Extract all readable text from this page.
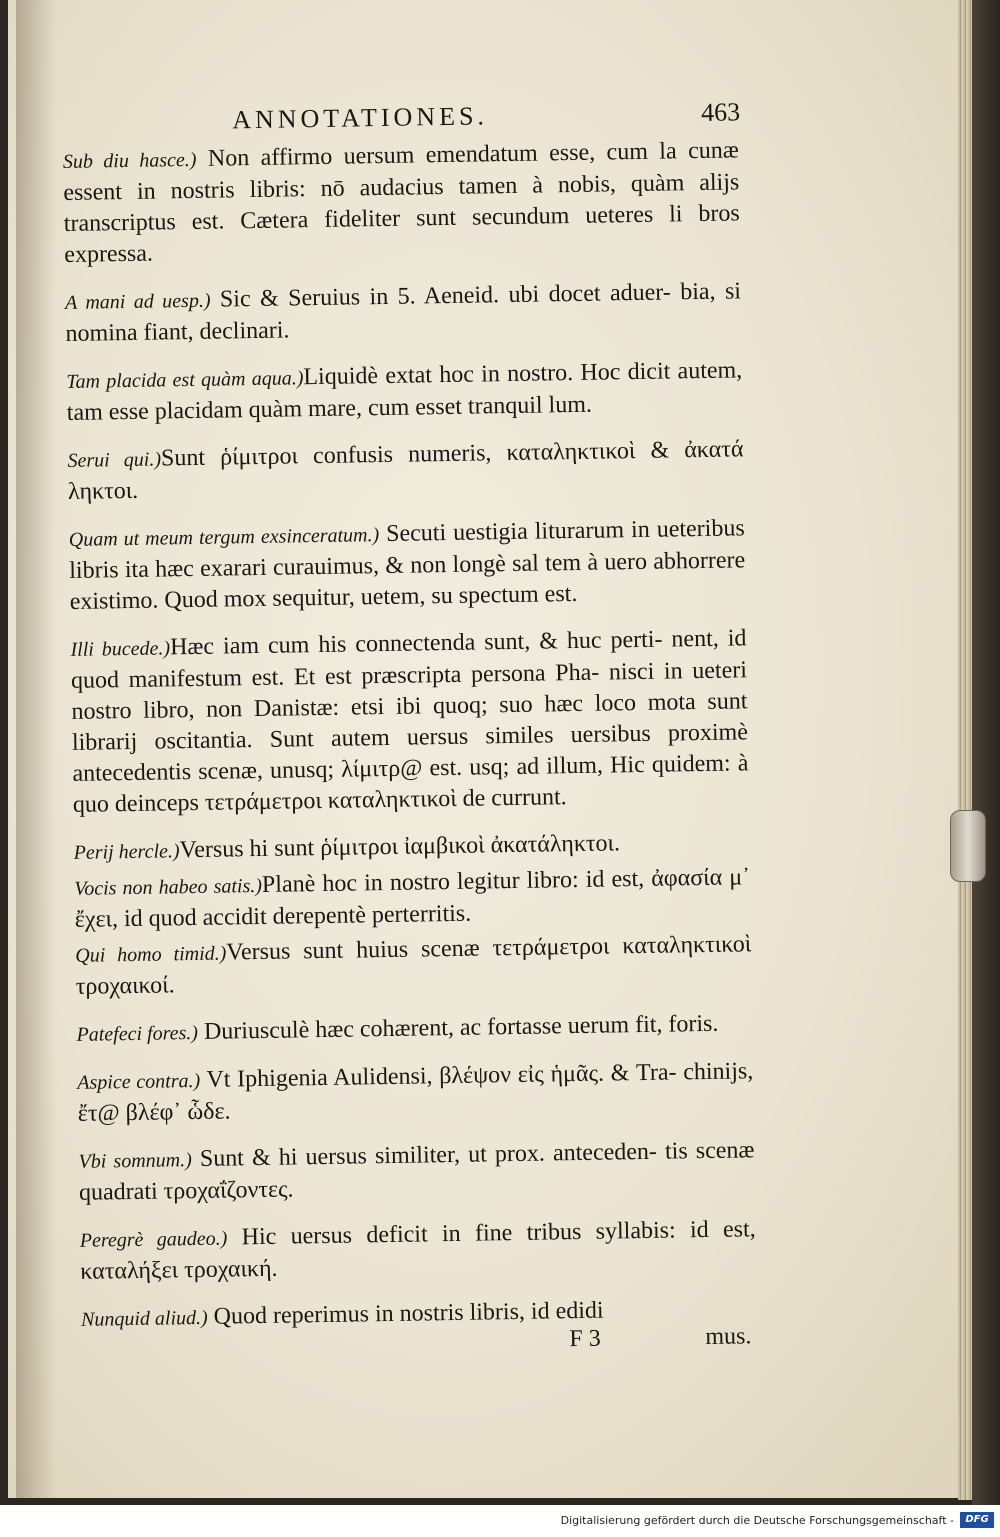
ANNOTATIONES.	463

Sub diu hasce.) Non affirmo uersum emendatum esse, cum la cunæ essent in nostris libris: nō audacius tamen à nobis, quàm alijs transcriptus est. Cætera fideliter sunt secundum ueteres li bros expressa.

A mani ad uesp.) Sic & Seruius in 5. Aeneid. ubi docet aduer- bia, si nomina fiant, declinari.

Tam placida est quàm aqua.)Liquidè extat hoc in nostro. Hoc dicit autem, tam esse placidam quàm mare, cum esset tranquil lum.

Serui qui.)Sunt ῥίμιτροι confusis numeris, καταληκτικοὶ & ἀκατά ληκτοι.

Quam ut meum tergum exsinceratum.) Secuti uestigia liturarum in ueteribus libris ita hæc exarari curauimus, & non longè sal tem à uero abhorrere existimo. Quod mox sequitur, uetem, su spectum est.

Illi bucede.)Hæc iam cum his connectenda sunt, & huc perti- nent, id quod manifestum est. Et est præscripta persona Pha- nisci in ueteri nostro libro, non Danistæ: etsi ibi quoq; suo hæc loco mota sunt librarij oscitantia. Sunt autem uersus similes uersibus proximè antecedentis scenæ, unusq; λίμιτρ@ est. usq; ad illum, Hic quidem: à quo deinceps τετράμετροι καταληκτικοὶ de currunt.

Perij hercle.)Versus hi sunt ῥίμιτροι ἰαμβικοὶ ἀκατάληκτοι.

Vocis non habeo satis.)Planè hoc in nostro legitur libro: id est, ἀφασία μ᾽ ἔχει, id quod accidit derepentè perterritis.

Qui homo timid.)Versus sunt huius scenæ τετράμετροι καταληκτικοὶ τροχαικοί.

Patefeci fores.) Duriusculè hæc cohærent, ac fortasse uerum fit, foris.

Aspice contra.) Vt Iphigenia Aulidensi, βλέψον εἰς ἡμᾶς. & Tra- chinijs, ἔτ@ βλέφ᾽ ὧδε.

Vbi somnum.) Sunt & hi uersus similiter, ut prox. anteceden- tis scenæ quadrati τροχαΐζοντες.

Peregrè gaudeo.) Hic uersus deficit in fine tribus syllabis: id est, καταλήξει τροχαική.

Nunquid aliud.) Quod reperimus in nostris libris, id edidi

F 3	mus.
Digitalisierung gefördert durch die Deutsche Forschungsgemeinschaft -	DFG
